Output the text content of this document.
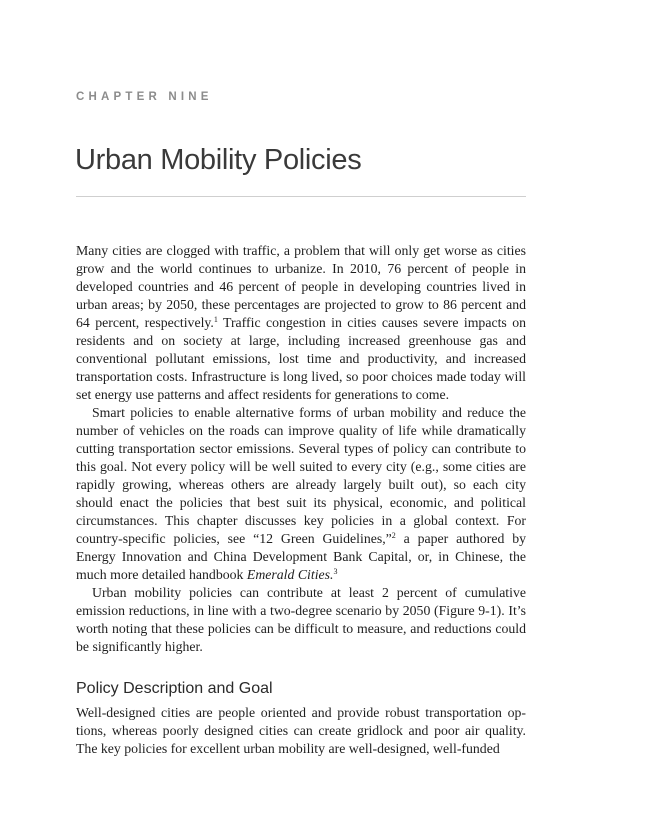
CHAPTER NINE
Urban Mobility Policies

Many cities are clogged with traffic, a problem that will only get worse as cities grow and the world continues to urbanize. In 2010, 76 percent of people in developed countries and 46 percent of people in developing countries lived in urban areas; by 2050, these percentages are projected to grow to 86 percent and 64 percent, respectively.$^1$ Traffic congestion in cities causes severe impacts on residents and on society at large, including increased greenhouse gas and conventional pollutant emissions, lost time and productivity, and increased transportation costs. Infrastructure is long lived, so poor choices made today will set energy use patterns and affect residents for generations to come.

Smart policies to enable alternative forms of urban mobility and reduce the number of vehicles on the roads can improve quality of life while dramatically cutting transportation sector emissions. Several types of policy can contribute to this goal. Not every policy will be well suited to every city (e.g., some cities are rapidly growing, whereas others are already largely built out), so each city should enact the policies that best suit its physical, economic, and political circumstances. This chapter discusses key policies in a global context. For country-specific policies, see “12 Green Guidelines,”$^2$ a paper authored by Energy Innovation and China Development Bank Capital, or, in Chinese, the much more detailed handbook Emerald Cities.$^3$

Urban mobility policies can contribute at least 2 percent of cumulative emission reductions, in line with a two-degree scenario by 2050 (Figure 9-1). It’s worth noting that these policies can be difficult to measure, and reductions could be significantly higher.

Policy Description and Goal

Well-designed cities are people oriented and provide robust transportation options, whereas poorly designed cities can create gridlock and poor air quality. The key policies for excellent urban mobility are well-designed, well-funded
